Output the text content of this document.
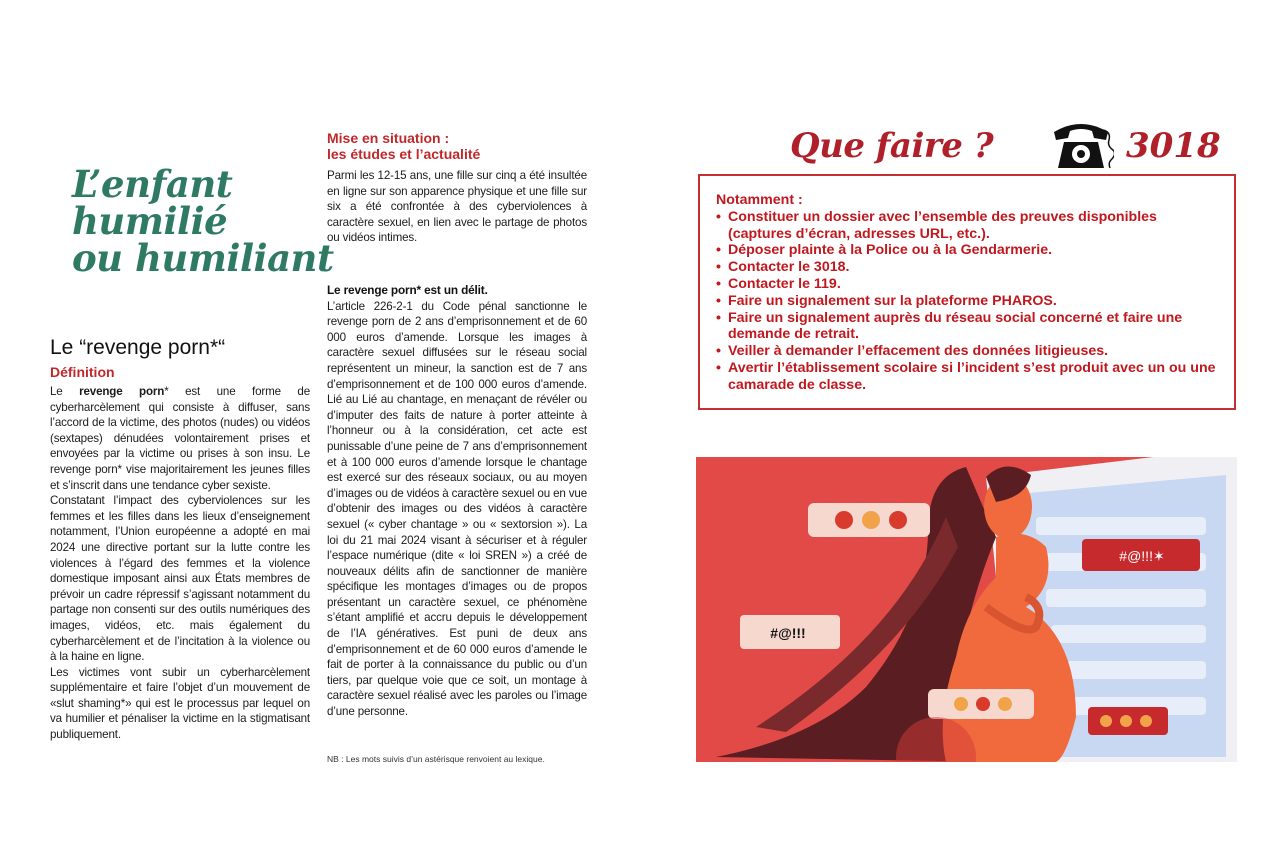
L’enfant
humilié
ou humiliant
Le “revenge porn*“
Définition

Le revenge porn* est une forme de cyberharcèlement qui consiste à diffuser, sans l’accord de la victime, des photos (nudes) ou vidéos (sextapes) dénudées volontairement prises et envoyées par la victime ou prises à son insu. Le revenge porn* vise majoritairement les jeunes filles et s’inscrit dans une tendance cyber sexiste.

Constatant l’impact des cyberviolences sur les femmes et les filles dans les lieux d’enseignement notamment, l’Union européenne a adopté en mai 2024 une directive portant sur la lutte contre les violences à l’égard des femmes et la violence domestique imposant ainsi aux États membres de prévoir un cadre répressif s’agissant notamment du partage non consenti sur des outils numériques des images, vidéos, etc. mais également du cyberharcèlement et de l’incitation à la violence ou à la haine en ligne.

Les victimes vont subir un cyberharcèlement supplémentaire et faire l’objet d’un mouvement de «slut shaming*» qui est le processus par lequel on va humilier et pénaliser la victime en la stigmatisant publiquement.

Mise en situation :
les études et l’actualité
Parmi les 12-15 ans, une fille sur cinq a été insultée en ligne sur son apparence physique et une fille sur six a été confrontée à des cyberviolences à caractère sexuel, en lien avec le partage de photos ou vidéos intimes.

Le revenge porn* est un délit.

L’article 226-2-1 du Code pénal sanctionne le revenge porn de 2 ans d’emprisonnement et de 60 000 euros d’amende. Lorsque les images à caractère sexuel diffusées sur le réseau social représentent un mineur, la sanction est de 7 ans d’emprisonnement et de 100 000 euros d’amende. Lié au Lié au chantage, en menaçant de révéler ou d’imputer des faits de nature à porter atteinte à l’honneur ou à la considération, cet acte est punissable d’une peine de 7 ans d’emprisonnement et à 100 000 euros d’amende lorsque le chantage est exercé sur des réseaux sociaux, ou au moyen d’images ou de vidéos à caractère sexuel ou en vue d’obtenir des images ou des vidéos à caractère sexuel (« cyber chantage » ou « sextorsion »). La loi du 21 mai 2024 visant à sécuriser et à réguler l’espace numérique (dite « loi SREN ») a créé de nouveaux délits afin de sanctionner de manière spécifique les montages d’images ou de propos présentant un caractère sexuel, ce phénomène s’étant amplifié et accru depuis le développement de l’IA génératives. Est puni de deux ans d’emprisonnement et de 60 000 euros d’amende le fait de porter à la connaissance du public ou d’un tiers, par quelque voie que ce soit, un montage à caractère sexuel réalisé avec les paroles ou l’image d’une personne.

NB : Les mots suivis d’un astérisque renvoient au lexique.
Que faire ?	3018
Notamment :
• Constituer un dossier avec l’ensemble des preuves disponibles (captures d’écran, adresses URL, etc.).
• Déposer plainte à la Police ou à la Gendarmerie.
• Contacter le 3018.
• Contacter le 119.
• Faire un signalement sur la plateforme PHAROS.
• Faire un signalement auprès du réseau social concerné et faire une demande de retrait.
• Veiller à demander l’effacement des données litigieuses.
• Avertir l’établissement scolaire si l’incident s’est produit avec un ou une camarade de classe.
#@!!!✶
#@!!!
